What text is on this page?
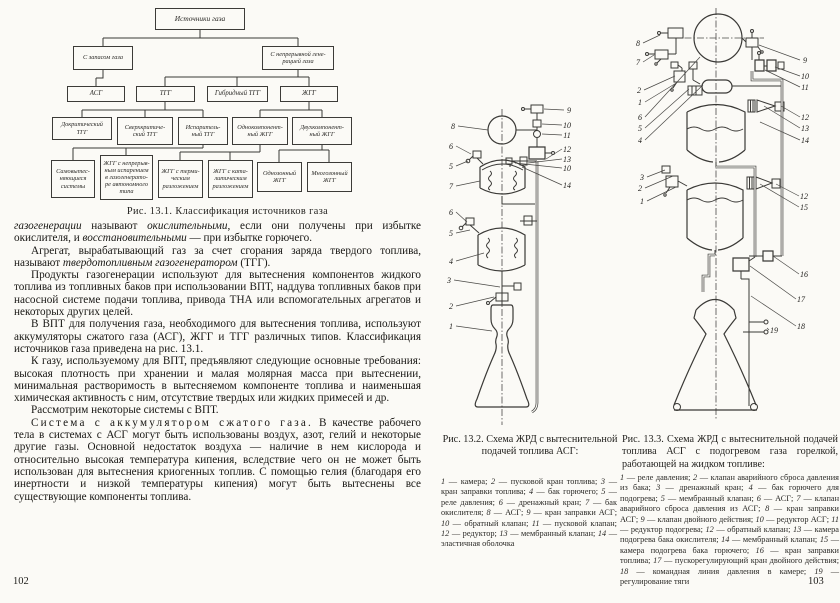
Источники газа
С запасом газа
С непрерывной гене- рацией газа
АСГ	ТГГ	Гибридный ТГГ	ЖГГ
Докритический ТГГ
Сверхкритиче- ский ТГГ
Испаритель- ный ТГГ
Однокомпонент- ный ЖГГ
Двухкомпонент- ный ЖГГ
Самовытес- няющиеся системы
ЖГГ с непрерыв- ным испарением в газогенерато- ре автономного типа
ЖГГ с терми- ческим разложением
ЖГГ с ката- литическим разложением
Однозонный ЖГГ
Многозонный ЖГГ
Рис. 13.1. Классификация источников газа

газогенерации называют окислительными, если они получены при избытке окислителя, и восстановительными — при избытке горючего.

Агрегат, вырабатывающий газ за счет сгорания заряда твердого топлива, называют твердотопливным газогенератором (ТГГ).

Продукты газогенерации используют для вытеснения компонентов жидкого топлива из топливных баков при использовании ВПТ, наддува топливных баков при насосной системе подачи топлива, привода ТНА или вспомогательных агрегатов и некоторых других целей.

В ВПТ для получения газа, необходимого для вытеснения топлива, используют аккумуляторы сжатого газа (АСГ), ЖГГ и ТГГ различных типов. Классификация источников газа приведена на рис. 13.1.

К газу, используемому для ВПТ, предъявляют следующие основные требования: высокая плотность при хранении и малая молярная масса при вытеснении, минимальная растворимость в вытесняемом компоненте топлива и наименьшая химическая активность с ним, отсутствие твердых или жидких примесей и др.

Рассмотрим некоторые системы с ВПТ.

Система с аккумулятором сжатого газа. В качестве рабочего тела в системах с АСГ могут быть использованы воздух, азот, гелий и некоторые другие газы. Основной недостаток воздуха — наличие в нем кислорода и относительно высокая температура кипения, вследствие чего он не может быть использован для вытеснения криогенных топлив. С помощью гелия (благодаря его инертности и низкой температуры кипения) могут быть вытеснены все существующие компоненты топлива.

102
8
6
5
7
6
5
4
3
2
1
9
10
11
12
13
10
14
8
7
2
1
6
5
4
3
2
1
9
10
11
12
13
14
12
15
16
17
18
19
Рис. 13.2. Схема ЖРД с вытеснительной подачей топлива АСГ:
1 — камера; 2 — пусковой кран топлива; 3 — кран заправки топлива; 4 — бак горючего; 5 — реле давления; 6 — дренажный кран; 7 — бак окислителя; 8 — АСГ; 9 — кран заправки АСГ; 10 — обратный клапан; 11 — пусковой клапан; 12 — редуктор; 13 — мембранный клапан; 14 — эластичная оболочка
Рис. 13.3. Схема ЖРД с вытеснительной подачей топлива АСГ с подогревом газа горелкой, работающей на жидком топливе:
1 — реле давления; 2 — клапан аварийного сброса давления из бака; 3 — дренажный кран; 4 — бак горючего для подогрева; 5 — мембранный клапан; 6 — АСГ; 7 — клапан аварийного сброса давления из АСГ; 8 — кран заправки АСГ; 9 — клапан двойного действия; 10 — редуктор АСГ; 11 — редуктор подогрева; 12 — обратный клапан; 13 — камера подогрева бака окислителя; 14 — мембранный клапан; 15 — камера подогрева бака горючего; 16 — кран заправки топлива; 17 — пускорегулирующий кран двойного действия; 18 — командная линия давления в камере; 19 — регулирование тяги	103
